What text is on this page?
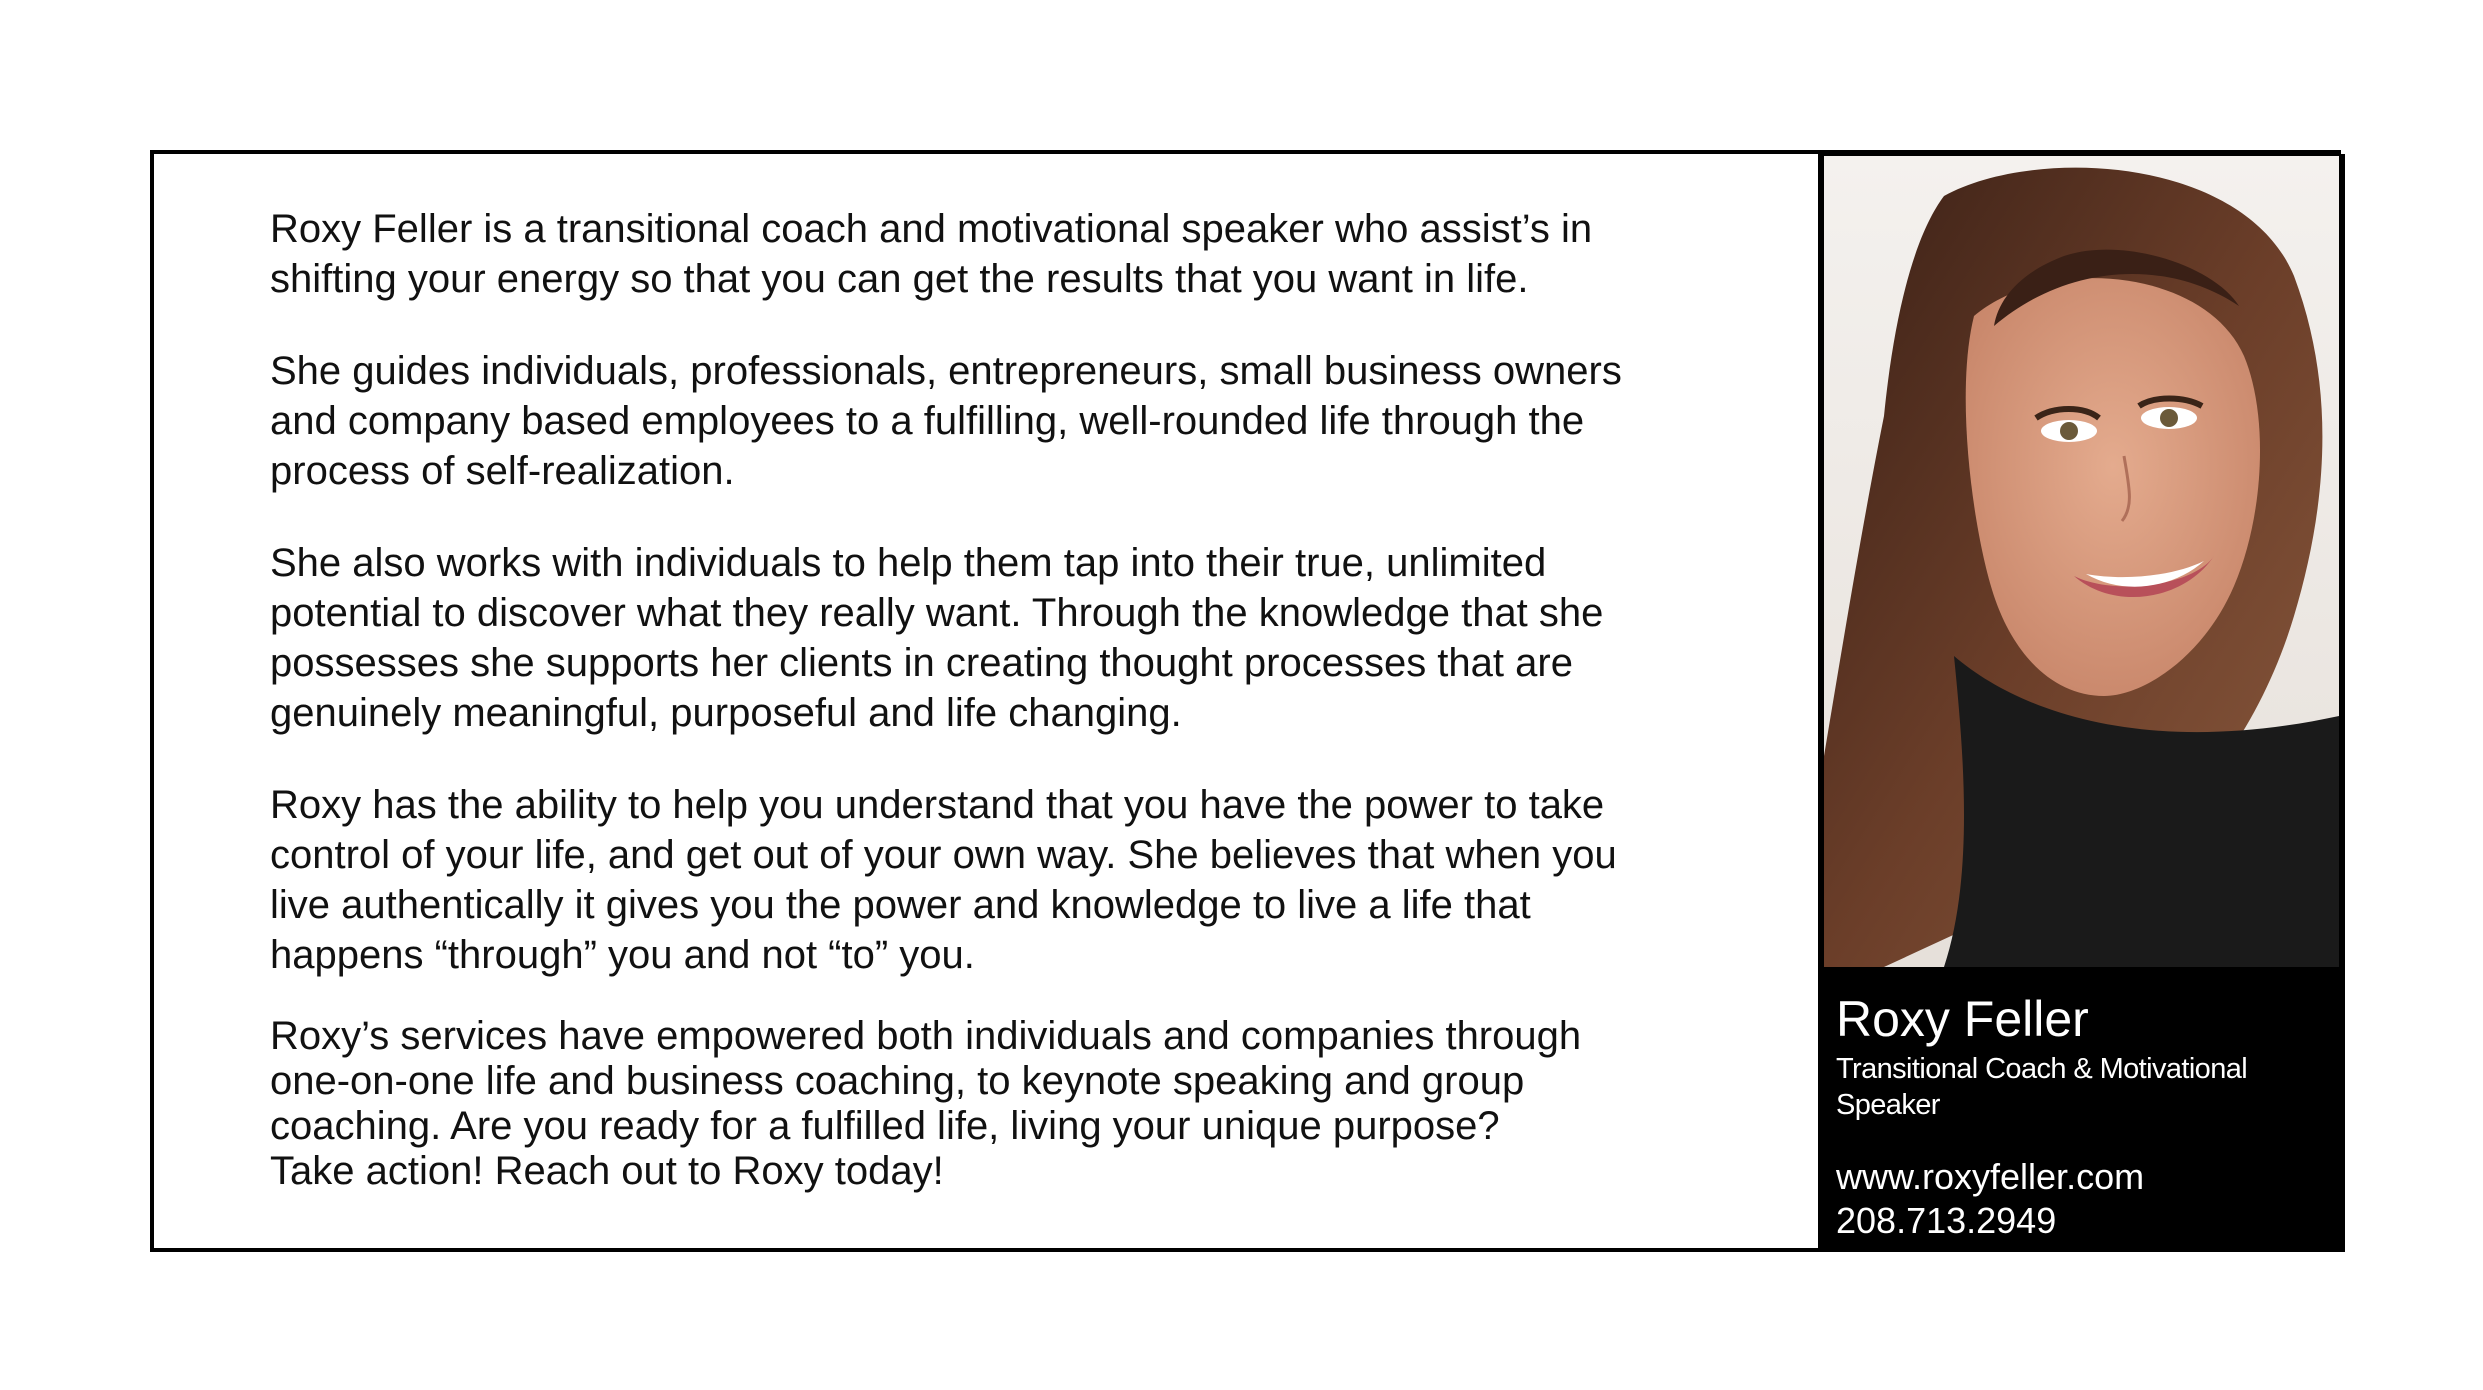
Roxy Feller is a transitional coach and motivational speaker who assist’s in
shifting your energy so that you can get the results that you want in life.

She guides individuals, professionals, entrepreneurs, small business owners
and company based employees to a fulfilling, well-rounded life through the
process of self-realization.

She also works with individuals to help them tap into their true, unlimited
potential to discover what they really want. Through the knowledge that she
possesses she supports her clients in creating thought processes that are
genuinely meaningful, purposeful and life changing.

Roxy has the ability to help you understand that you have the power to take
control of your life, and get out of your own way. She believes that when you
live authentically it gives you the power and knowledge to live a life that
happens “through” you and not “to” you.

Roxy’s services have empowered both individuals and companies through
one-on-one life and business coaching, to keynote speaking and group
coaching. Are you ready for a fulfilled life, living your unique purpose?
Take action! Reach out to Roxy today!

Roxy Feller
Transitional Coach & Motivational Speaker
www.roxyfeller.com
208.713.2949
